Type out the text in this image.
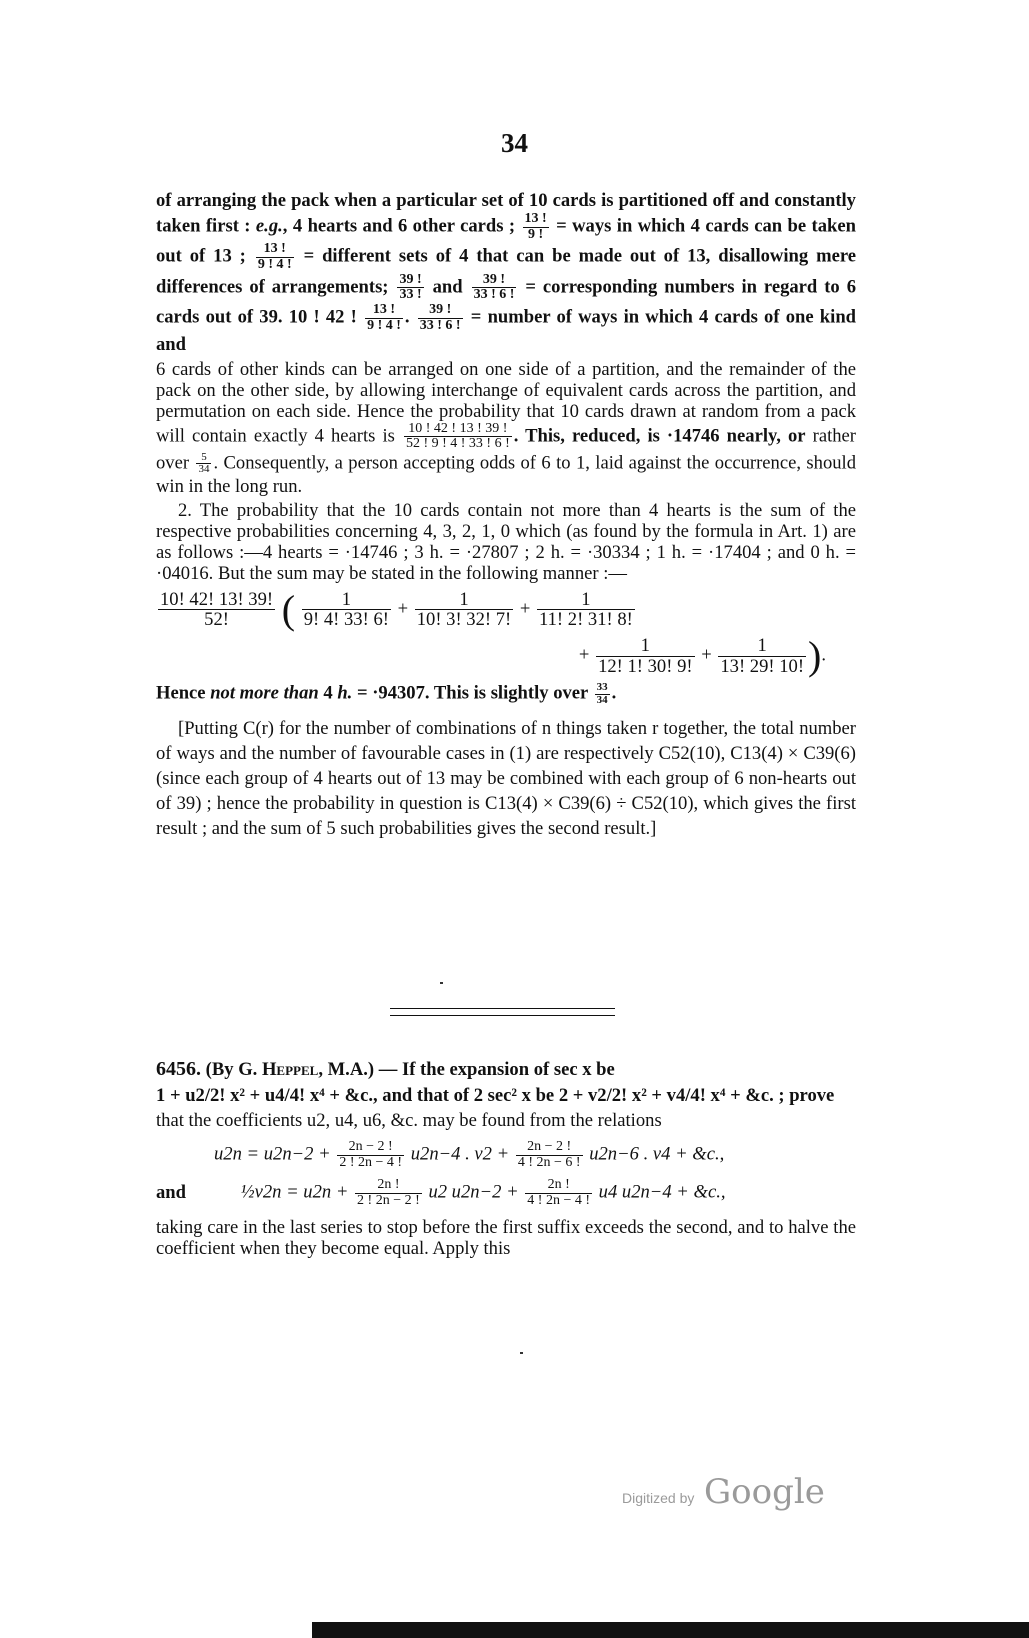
34

of arranging the pack when a particular set of 10 cards is partitioned off and constantly taken first : e.g., 4 hearts and 6 other cards ; $\frac{13 !}{9 !}$ = ways in which 4 cards can be taken out of 13 ; $\frac{13 !}{9 ! 4 !}$ = different sets of 4 that can be made out of 13, disallowing mere differences of arrangements; $\frac{39 !}{33 !}$ and $\frac{39 !}{33 ! 6 !}$ = corresponding numbers in regard to 6 cards out of 39. 10 ! 42 ! $\frac{13 !}{9 ! 4 !}$ . $\frac{39 !}{33 ! 6 !}$ = number of ways in which 4 cards of one kind and

6 cards of other kinds can be arranged on one side of a partition, and the remainder of the pack on the other side, by allowing interchange of equivalent cards across the partition, and permutation on each side. Hence the probability that 10 cards drawn at random from a pack will contain exactly 4 hearts is $\frac{10 ! 42 ! 13 ! 39 !}{52 ! 9 ! 4 ! 33 ! 6 !}$ . This, reduced, is ·14746 nearly, or rather over $\frac{5}{34}$ . Consequently, a person accepting odds of 6 to 1, laid against the occurrence, should win in the long run.

2. The probability that the 10 cards contain not more than 4 hearts is the sum of the respective probabilities concerning 4, 3, 2, 1, 0 which (as found by the formula in Art. 1) are as follows :—4 hearts = ·14746 ; 3 h. = ·27807 ; 2 h. = ·30334 ; 1 h. = ·17404 ; and 0 h. = ·04016. But the sum may be stated in the following manner :—

$\frac{10! 42! 13! 39!}{52!}$ ( $\frac{1}{9! 4! 33! 6!} + \frac{1}{10! 3! 32! 7!} + \frac{1}{11! 2! 31! 8!}$
+ $\frac{1}{12! 1! 30! 9!} + \frac{1}{13! 29! 10!}$ ).

Hence not more than 4 h. = ·94307. This is slightly over $\frac{33}{34}$ .

[Putting C(r) for the number of combinations of n things taken r together, the total number of ways and the number of favourable cases in (1) are respectively C52(10), C13(4) × C39(6) (since each group of 4 hearts out of 13 may be combined with each group of 6 non-hearts out of 39) ; hence the probability in question is C13(4) × C39(6) ÷ C52(10), which gives the first result ; and the sum of 5 such probabilities gives the second result.]

6456. (By G. Heppel, M.A.) — If the expansion of sec x be

1 + u2/2! x² + u4/4! x⁴ + &c., and that of 2 sec² x be 2 + v2/2! x² + v4/4! x⁴ + &c. ; prove

that the coefficients u2, u4, u6, &c. may be found from the relations

$u2n = u2n-2 + \frac{2n - 2 !}{2 ! 2n - 4 !} u2n-4$ . $v2 + \frac{2n - 2 !}{4 ! 2n - 6 !} u2n-6$ . v4 + &c.,
and	½v2n = $u2n + \frac{2n !}{2 ! 2n - 2 !} u2$ $u2n-2 + \frac{2n !}{4 ! 2n - 4 !} u4$ u2n−4 + &c.,

taking care in the last series to stop before the first suffix exceeds the second, and to halve the coefficient when they become equal. Apply this

Digitized by Google
